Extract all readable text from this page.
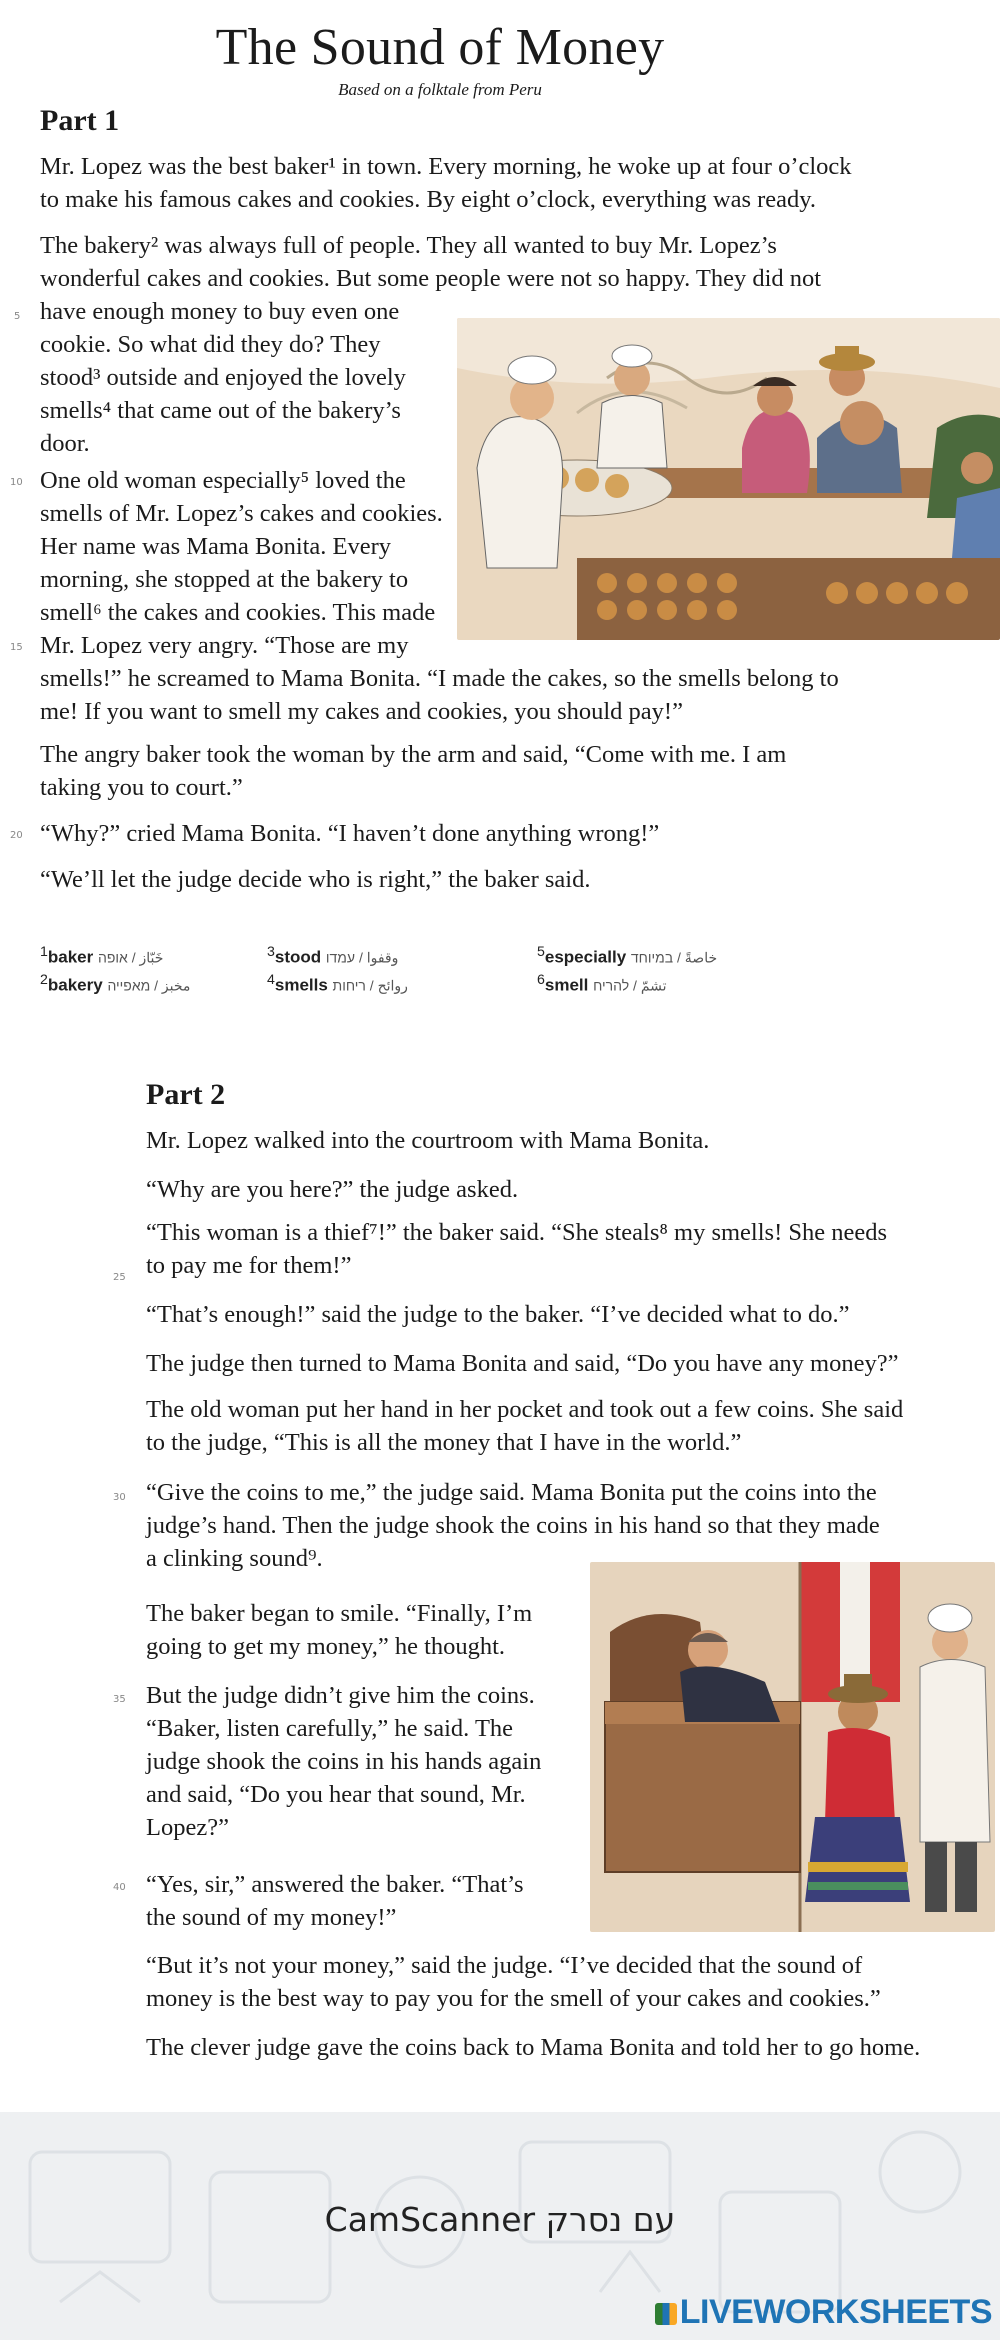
The Sound of Money
Based on a folktale from Peru
Part 1
Mr. Lopez was the best baker¹ in town. Every morning, he woke up at four o’clock
to make his famous cakes and cookies. By eight o’clock, everything was ready.
The bakery² was always full of people. They all wanted to buy Mr. Lopez’s
wonderful cakes and cookies. But some people were not so happy. They did not
have enough money to buy even one
cookie. So what did they do? They
stood³ outside and enjoyed the lovely
smells⁴ that came out of the bakery’s
door.
One old woman especially⁵ loved the
smells of Mr. Lopez’s cakes and cookies.
Her name was Mama Bonita. Every
morning, she stopped at the bakery to
smell⁶ the cakes and cookies. This made
Mr. Lopez very angry. “Those are my
smells!” he screamed to Mama Bonita. “I made the cakes, so the smells belong to
me! If you want to smell my cakes and cookies, you should pay!”
The angry baker took the woman by the arm and said, “Come with me. I am
taking you to court.”
“Why?” cried Mama Bonita. “I haven’t done anything wrong!”
“We’ll let the judge decide who is right,” the baker said.
5
10
15
20
25
30
35
40
$^1$baker خَبّاز / אופה
$^2$bakery مخبز / מאפייה
$^3$stood وقفوا / עמדו
$^4$smells روائح / ריחות
$^5$especially خاصةً / במיוחד
$^6$smell تشمّ / להריח
Part 2
Mr. Lopez walked into the courtroom with Mama Bonita.
“Why are you here?” the judge asked.
“This woman is a thief⁷!” the baker said. “She steals⁸ my smells! She needs
to pay me for them!”
“That’s enough!” said the judge to the baker. “I’ve decided what to do.”
The judge then turned to Mama Bonita and said, “Do you have any money?”
The old woman put her hand in her pocket and took out a few coins. She said
to the judge, “This is all the money that I have in the world.”
“Give the coins to me,” the judge said. Mama Bonita put the coins into the
judge’s hand. Then the judge shook the coins in his hand so that they made
a clinking sound⁹.
The baker began to smile. “Finally, I’m
going to get my money,” he thought.
But the judge didn’t give him the coins.
“Baker, listen carefully,” he said. The
judge shook the coins in his hands again
and said, “Do you hear that sound, Mr.
Lopez?”
“Yes, sir,” answered the baker. “That’s
the sound of my money!”
“But it’s not your money,” said the judge. “I’ve decided that the sound of
money is the best way to pay you for the smell of your cakes and cookies.”
The clever judge gave the coins back to Mama Bonita and told her to go home.
CamScanner עם נסרק
LIVEWORKSHEETS
